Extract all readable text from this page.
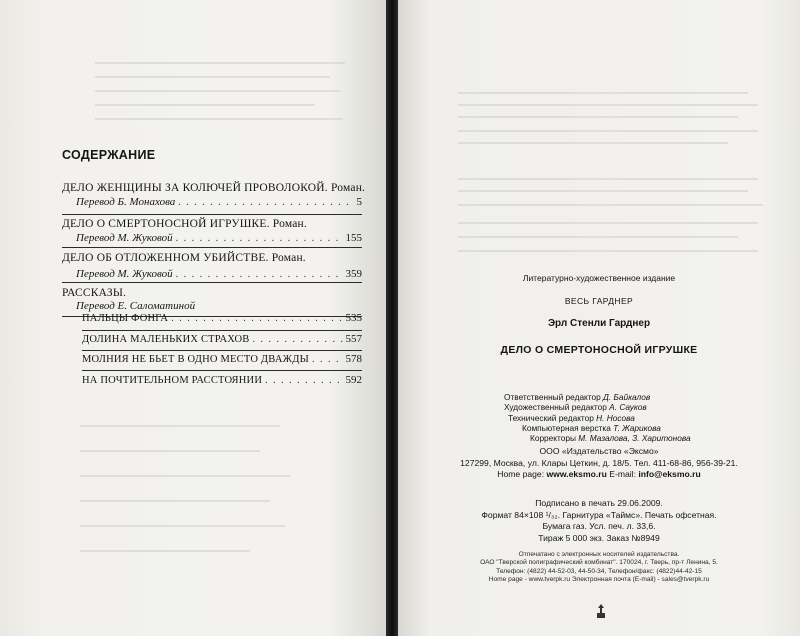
СОДЕРЖАНИЕ
ДЕЛО ЖЕНЩИНЫ ЗА КОЛЮЧЕЙ ПРОВОЛОКОЙ. Роман.
Перевод Б. Монахова . . .	5
ДЕЛО О СМЕРТОНОСНОЙ ИГРУШКЕ. Роман.
Перевод М. Жуковой . . .	155
ДЕЛО ОБ ОТЛОЖЕННОМ УБИЙСТВЕ. Роман.
Перевод М. Жуковой . . .	359
РАССКАЗЫ.
Перевод Е. Саломатиной
ПАЛЬЦЫ ФОНГА . . .	535
ДОЛИНА МАЛЕНЬКИХ СТРАХОВ . . .	557
МОЛНИЯ НЕ БЬЕТ В ОДНО МЕСТО ДВАЖДЫ . . .	578
НА ПОЧТИТЕЛЬНОМ РАССТОЯНИИ . . .	592
Литературно-художественное издание
ВЕСЬ ГАРДНЕР
Эрл Стенли Гарднер
ДЕЛО О СМЕРТОНОСНОЙ ИГРУШКЕ
Ответственный редактор Д. Байкалов
Художественный редактор А. Сауков
Технический редактор Н. Носова
Компьютерная верстка Т. Жарикова
Корректоры М. Мазалова, З. Харитонова
ООО «Издательство «Эксмо»
127299, Москва, ул. Клары Цеткин, д. 18/5. Тел. 411-68-86, 956-39-21.
Home page: www.eksmo.ru E-mail: info@eksmo.ru
Подписано в печать 29.06.2009.
Формат 84×108 ¹/₃₂. Гарнитура «Таймс». Печать офсетная.
Бумага газ. Усл. печ. л. 33,6.
Тираж 5 000 экз. Заказ №8949
Отпечатано с электронных носителей издательства.
ОАО "Тверской полиграфический комбинат". 170024, г. Тверь, пр-т Ленина, 5.
Телефон: (4822) 44-52-03, 44-50-34, Телефон/факс: (4822)44-42-15
Home page - www.tverpk.ru Электронная почта (E-mail) - sales@tverpk.ru
